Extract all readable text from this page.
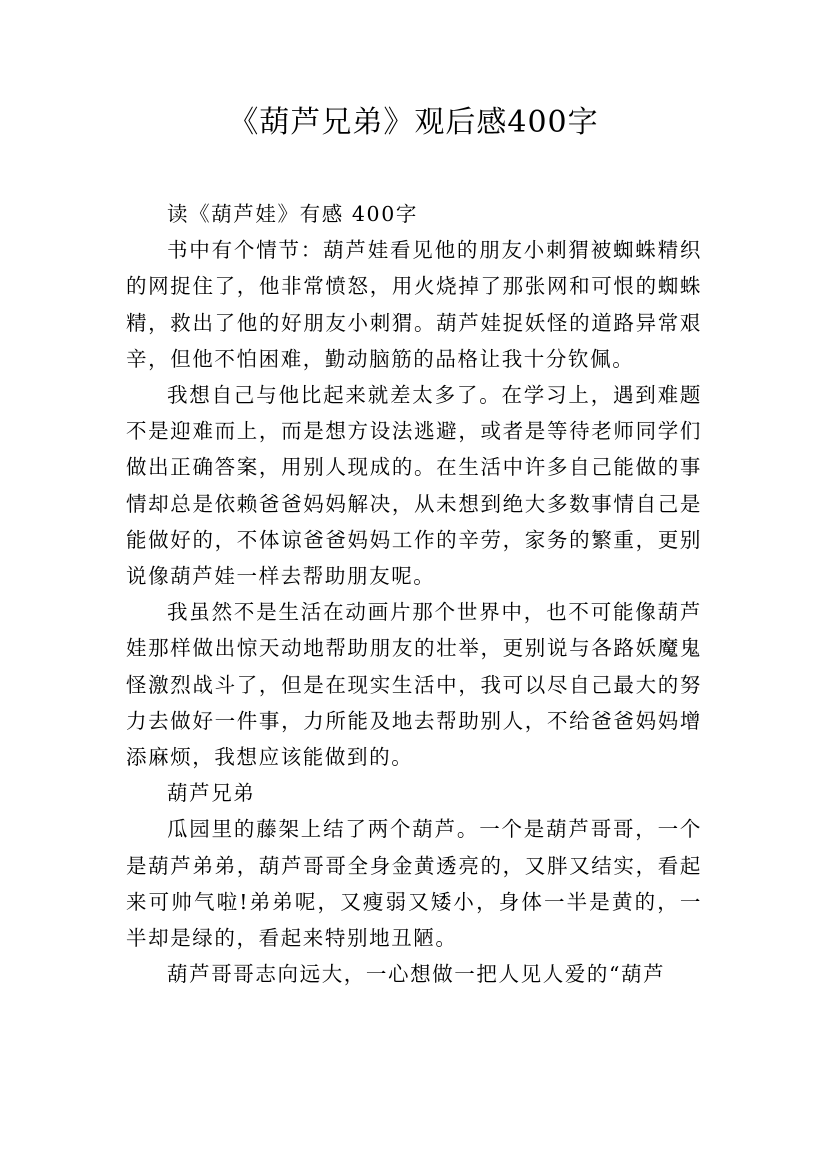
《葫芦兄弟》观后感400字

读《葫芦娃》有感 400字

书中有个情节：葫芦娃看见他的朋友小刺猬被蜘蛛精织的网捉住了，他非常愤怒，用火烧掉了那张网和可恨的蜘蛛精，救出了他的好朋友小刺猬。葫芦娃捉妖怪的道路异常艰辛，但他不怕困难，勤动脑筋的品格让我十分钦佩。

我想自己与他比起来就差太多了。在学习上，遇到难题不是迎难而上，而是想方设法逃避，或者是等待老师同学们做出正确答案，用别人现成的。在生活中许多自己能做的事情却总是依赖爸爸妈妈解决，从未想到绝大多数事情自己是能做好的，不体谅爸爸妈妈工作的辛劳，家务的繁重，更别说像葫芦娃一样去帮助朋友呢。

我虽然不是生活在动画片那个世界中，也不可能像葫芦娃那样做出惊天动地帮助朋友的壮举，更别说与各路妖魔鬼怪激烈战斗了，但是在现实生活中，我可以尽自己最大的努力去做好一件事，力所能及地去帮助别人，不给爸爸妈妈增添麻烦，我想应该能做到的。

葫芦兄弟

瓜园里的藤架上结了两个葫芦。一个是葫芦哥哥，一个是葫芦弟弟，葫芦哥哥全身金黄透亮的，又胖又结实，看起来可帅气啦!弟弟呢，又瘦弱又矮小，身体一半是黄的，一半却是绿的，看起来特别地丑陋。

葫芦哥哥志向远大，一心想做一把人见人爱的“葫芦
